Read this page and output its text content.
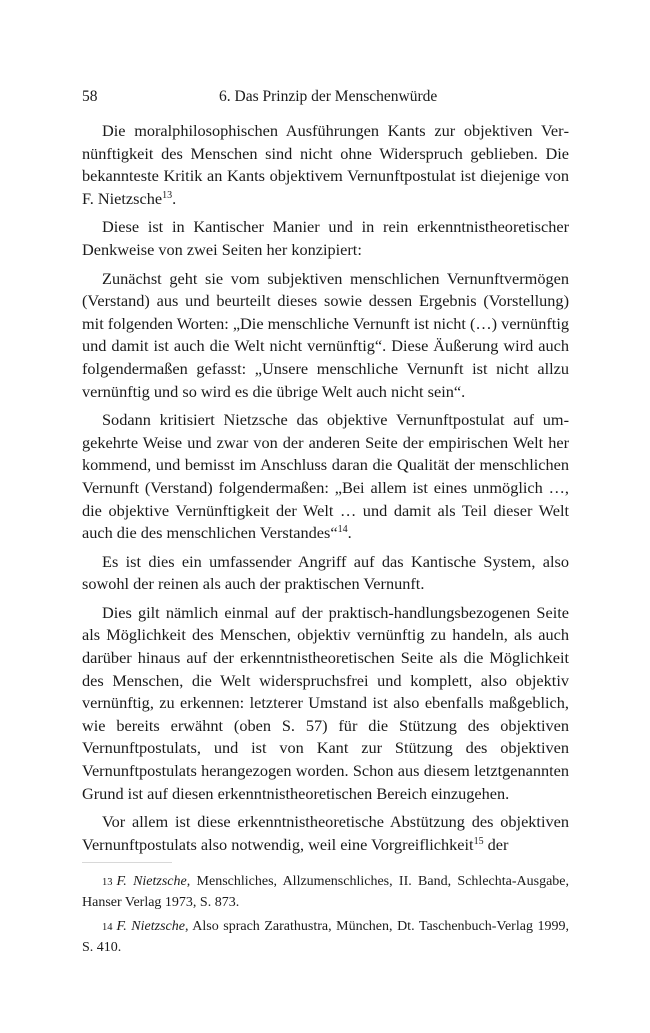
58	6. Das Prinzip der Menschenwürde

Die moralphilosophischen Ausführungen Kants zur objektiven Vernünftigkeit des Menschen sind nicht ohne Widerspruch geblieben. Die bekannteste Kritik an Kants objektivem Vernunftpostulat ist diejenige von F. Nietzsche$^{13}$.

Diese ist in Kantischer Manier und in rein erkenntnistheoretischer Denkweise von zwei Seiten her konzipiert:

Zunächst geht sie vom subjektiven menschlichen Vernunftvermögen (Verstand) aus und beurteilt dieses sowie dessen Ergebnis (Vorstellung) mit folgenden Worten: „Die menschliche Vernunft ist nicht (…) vernünftig und damit ist auch die Welt nicht vernünftig“. Diese Äußerung wird auch folgendermaßen gefasst: „Unsere menschliche Vernunft ist nicht allzu vernünftig und so wird es die übrige Welt auch nicht sein“.

Sodann kritisiert Nietzsche das objektive Vernunftpostulat auf umgekehrte Weise und zwar von der anderen Seite der empirischen Welt her kommend, und bemisst im Anschluss daran die Qualität der menschlichen Vernunft (Verstand) folgendermaßen: „Bei allem ist eines unmöglich …, die objektive Vernünftigkeit der Welt … und damit als Teil dieser Welt auch die des menschlichen Verstandes“$^{14}$.

Es ist dies ein umfassender Angriff auf das Kantische System, also sowohl der reinen als auch der praktischen Vernunft.

Dies gilt nämlich einmal auf der praktisch-handlungsbezogenen Seite als Möglichkeit des Menschen, objektiv vernünftig zu handeln, als auch darüber hinaus auf der erkenntnistheoretischen Seite als die Möglichkeit des Menschen, die Welt widerspruchsfrei und komplett, also objektiv vernünftig, zu erkennen: letzterer Umstand ist also ebenfalls maßgeblich, wie bereits erwähnt (oben S. 57) für die Stützung des objektiven Vernunftpostulats, und ist von Kant zur Stützung des objektiven Vernunftpostulats herangezogen worden. Schon aus diesem letztgenannten Grund ist auf diesen erkenntnistheoretischen Bereich einzugehen.

Vor allem ist diese erkenntnistheoretische Abstützung des objektiven Vernunftpostulats also notwendig, weil eine Vorgreiflichkeit$^{15}$ der

13 F. Nietzsche, Menschliches, Allzumenschliches, II. Band, Schlechta-Ausgabe, Hanser Verlag 1973, S. 873.

14 F. Nietzsche, Also sprach Zarathustra, München, Dt. Taschenbuch-Verlag 1999, S. 410.
